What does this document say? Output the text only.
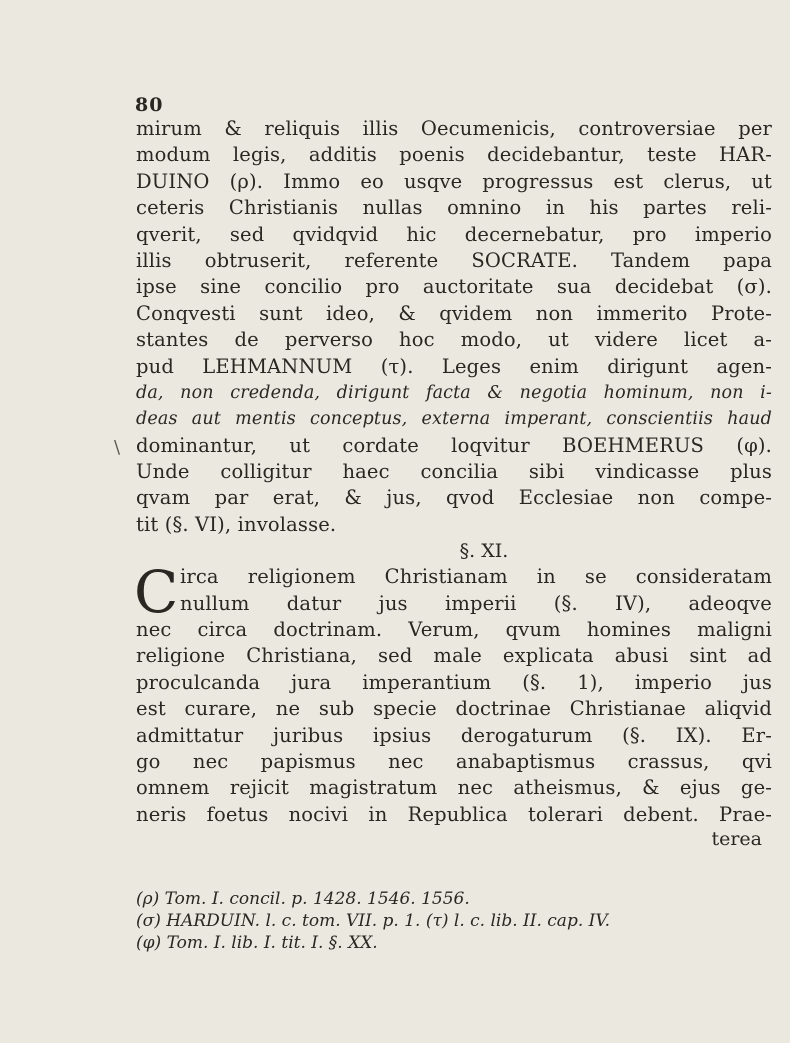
80
\
mirum & reliquis illis Oecumenicis, controversiae per
modum legis, additis poenis decidebantur, teste HAR-
DUINO (ρ). Immo eo usqve progressus est clerus, ut
ceteris Christianis nullas omnino in his partes reli-
qverit, sed qvidqvid hic decernebatur, pro imperio
illis obtruserit, referente SOCRATE. Tandem papa
ipse sine concilio pro auctoritate sua decidebat (σ).
Conqvesti sunt ideo, & qvidem non immerito Prote-
stantes de perverso hoc modo, ut videre licet a-
pud LEHMANNUM (τ). Leges enim dirigunt agen-
da, non credenda, dirigunt facta & negotia hominum, non i-
deas aut mentis conceptus, externa imperant, conscientiis haud
dominantur, ut cordate loqvitur BOEHMERUS (φ).
Unde colligitur haec concilia sibi vindicasse plus
qvam par erat, & jus, qvod Ecclesiae non compe-
tit (§. VI), involasse.
§. XI.
C irca religionem Christianam in se consideratam
nullum datur jus imperii (§. IV), adeoqve
nec circa doctrinam. Verum, qvum homines maligni
religione Christiana, sed male explicata abusi sint ad
proculcanda jura imperantium (§. 1), imperio jus
est curare, ne sub specie doctrinae Christianae aliqvid
admittatur juribus ipsius derogaturum (§. IX). Er-
go nec papismus nec anabaptismus crassus, qvi
omnem rejicit magistratum nec atheismus, & ejus ge-
neris foetus nocivi in Republica tolerari debent. Prae-
terea
(ρ) Tom. I. concil. p. 1428. 1546. 1556.
(σ) HARDUIN. l. c. tom. VII. p. 1. (τ) l. c. lib. II. cap. IV.
(φ) Tom. I. lib. I. tit. I. §. XX.
